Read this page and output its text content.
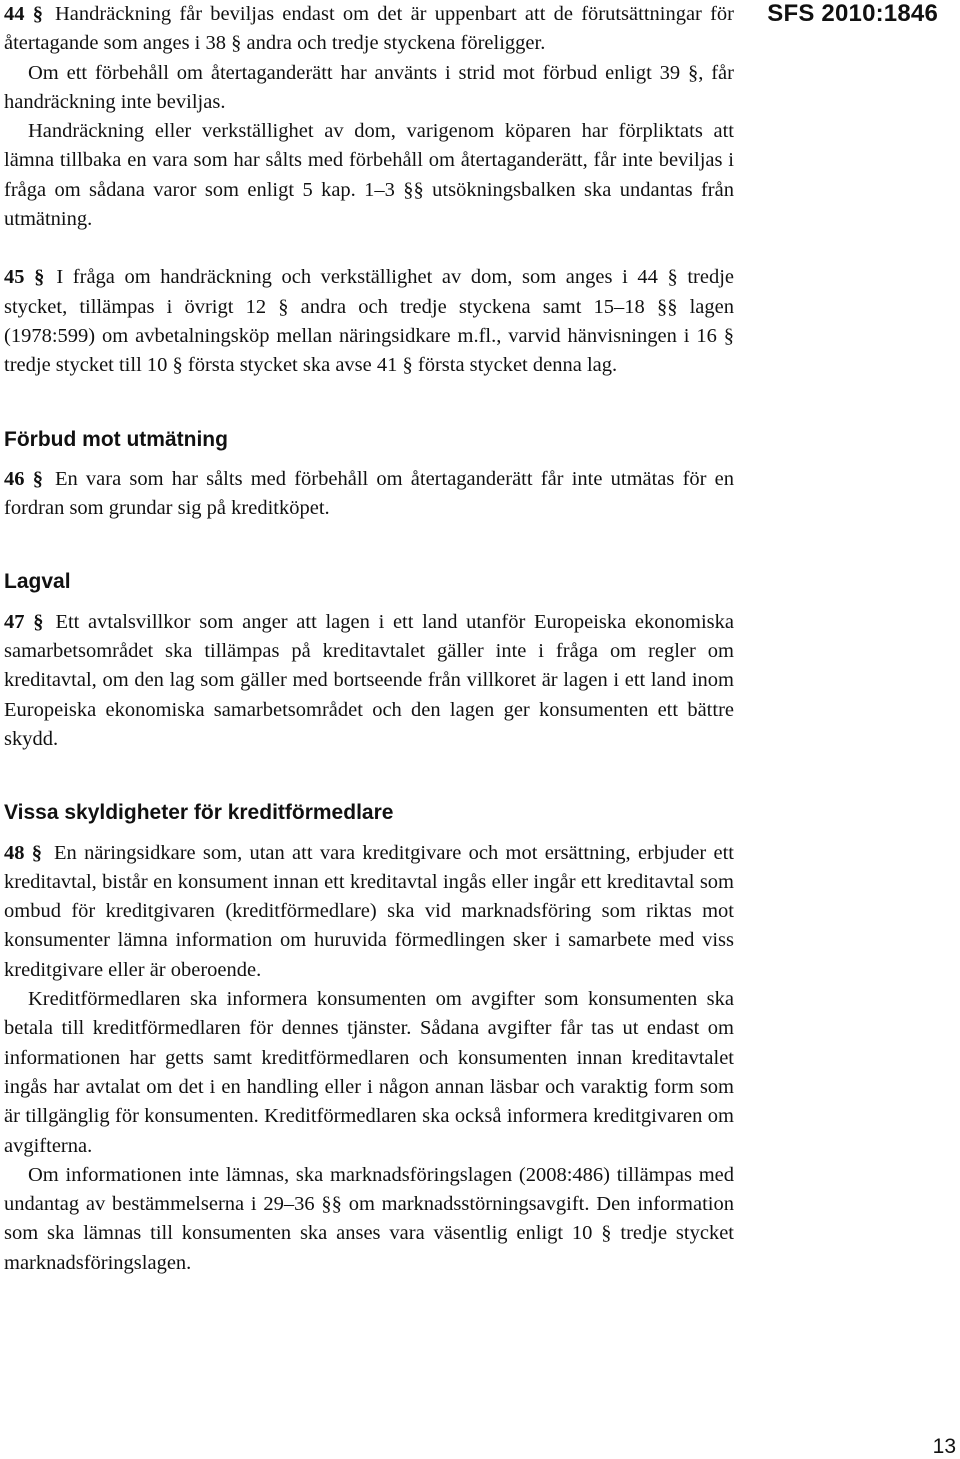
SFS 2010:1846

44 § Handräckning får beviljas endast om det är uppenbart att de förutsättningar för återtagande som anges i 38 § andra och tredje styckena föreligger.

Om ett förbehåll om återtaganderätt har använts i strid mot förbud enligt 39 §, får handräckning inte beviljas.

Handräckning eller verkställighet av dom, varigenom köparen har förpliktats att lämna tillbaka en vara som har sålts med förbehåll om återtaganderätt, får inte beviljas i fråga om sådana varor som enligt 5 kap. 1–3 §§ utsökningsbalken ska undantas från utmätning.

45 § I fråga om handräckning och verkställighet av dom, som anges i 44 § tredje stycket, tillämpas i övrigt 12 § andra och tredje styckena samt 15–18 §§ lagen (1978:599) om avbetalningsköp mellan näringsidkare m.fl., varvid hänvisningen i 16 § tredje stycket till 10 § första stycket ska avse 41 § första stycket denna lag.

Förbud mot utmätning

46 § En vara som har sålts med förbehåll om återtaganderätt får inte utmätas för en fordran som grundar sig på kreditköpet.

Lagval

47 § Ett avtalsvillkor som anger att lagen i ett land utanför Europeiska ekonomiska samarbetsområdet ska tillämpas på kreditavtalet gäller inte i fråga om regler om kreditavtal, om den lag som gäller med bortseende från villkoret är lagen i ett land inom Europeiska ekonomiska samarbetsområdet och den lagen ger konsumenten ett bättre skydd.

Vissa skyldigheter för kreditförmedlare

48 § En näringsidkare som, utan att vara kreditgivare och mot ersättning, erbjuder ett kreditavtal, bistår en konsument innan ett kreditavtal ingås eller ingår ett kreditavtal som ombud för kreditgivaren (kreditförmedlare) ska vid marknadsföring som riktas mot konsumenter lämna information om huruvida förmedlingen sker i samarbete med viss kreditgivare eller är oberoende.

Kreditförmedlaren ska informera konsumenten om avgifter som konsumenten ska betala till kreditförmedlaren för dennes tjänster. Sådana avgifter får tas ut endast om informationen har getts samt kreditförmedlaren och konsumenten innan kreditavtalet ingås har avtalat om det i en handling eller i någon annan läsbar och varaktig form som är tillgänglig för konsumenten. Kreditförmedlaren ska också informera kreditgivaren om avgifterna.

Om informationen inte lämnas, ska marknadsföringslagen (2008:486) tillämpas med undantag av bestämmelserna i 29–36 §§ om marknadsstörningsavgift. Den information som ska lämnas till konsumenten ska anses vara väsentlig enligt 10 § tredje stycket marknadsföringslagen.

13
